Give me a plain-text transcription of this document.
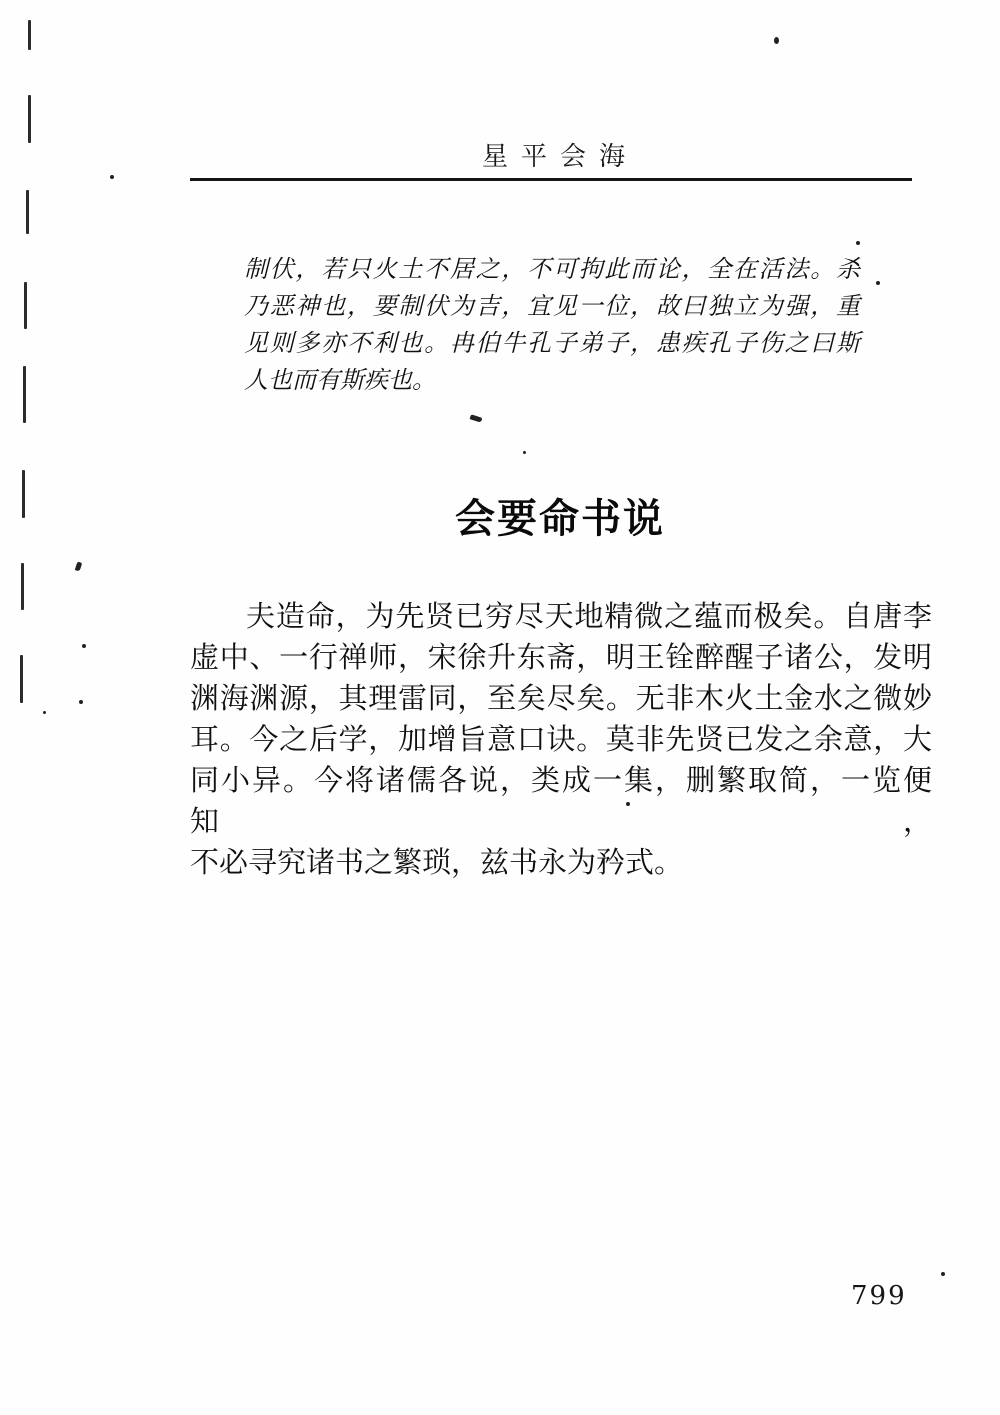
星平会海
制伏，若只火土不居之，不可拘此而论，全在活法。杀
乃恶神也，要制伏为吉，宜见一位，故曰独立为强，重
见则多亦不利也。冉伯牛孔子弟子，患疾孔子伤之曰斯
人也而有斯疾也。
会要命书说
夫造命，为先贤已穷尽天地精微之蕴而极矣。自唐李
虚中、一行禅师，宋徐升东斋，明王铨醉醒子诸公，发明
渊海渊源，其理雷同，至矣尽矣。无非木火土金水之微妙
耳。今之后学，加增旨意口诀。莫非先贤已发之余意，大
同小异。今将诸儒各说，类成一集，删繁取简，一览便知，
不必寻究诸书之繁琐，兹书永为矜式。
799
